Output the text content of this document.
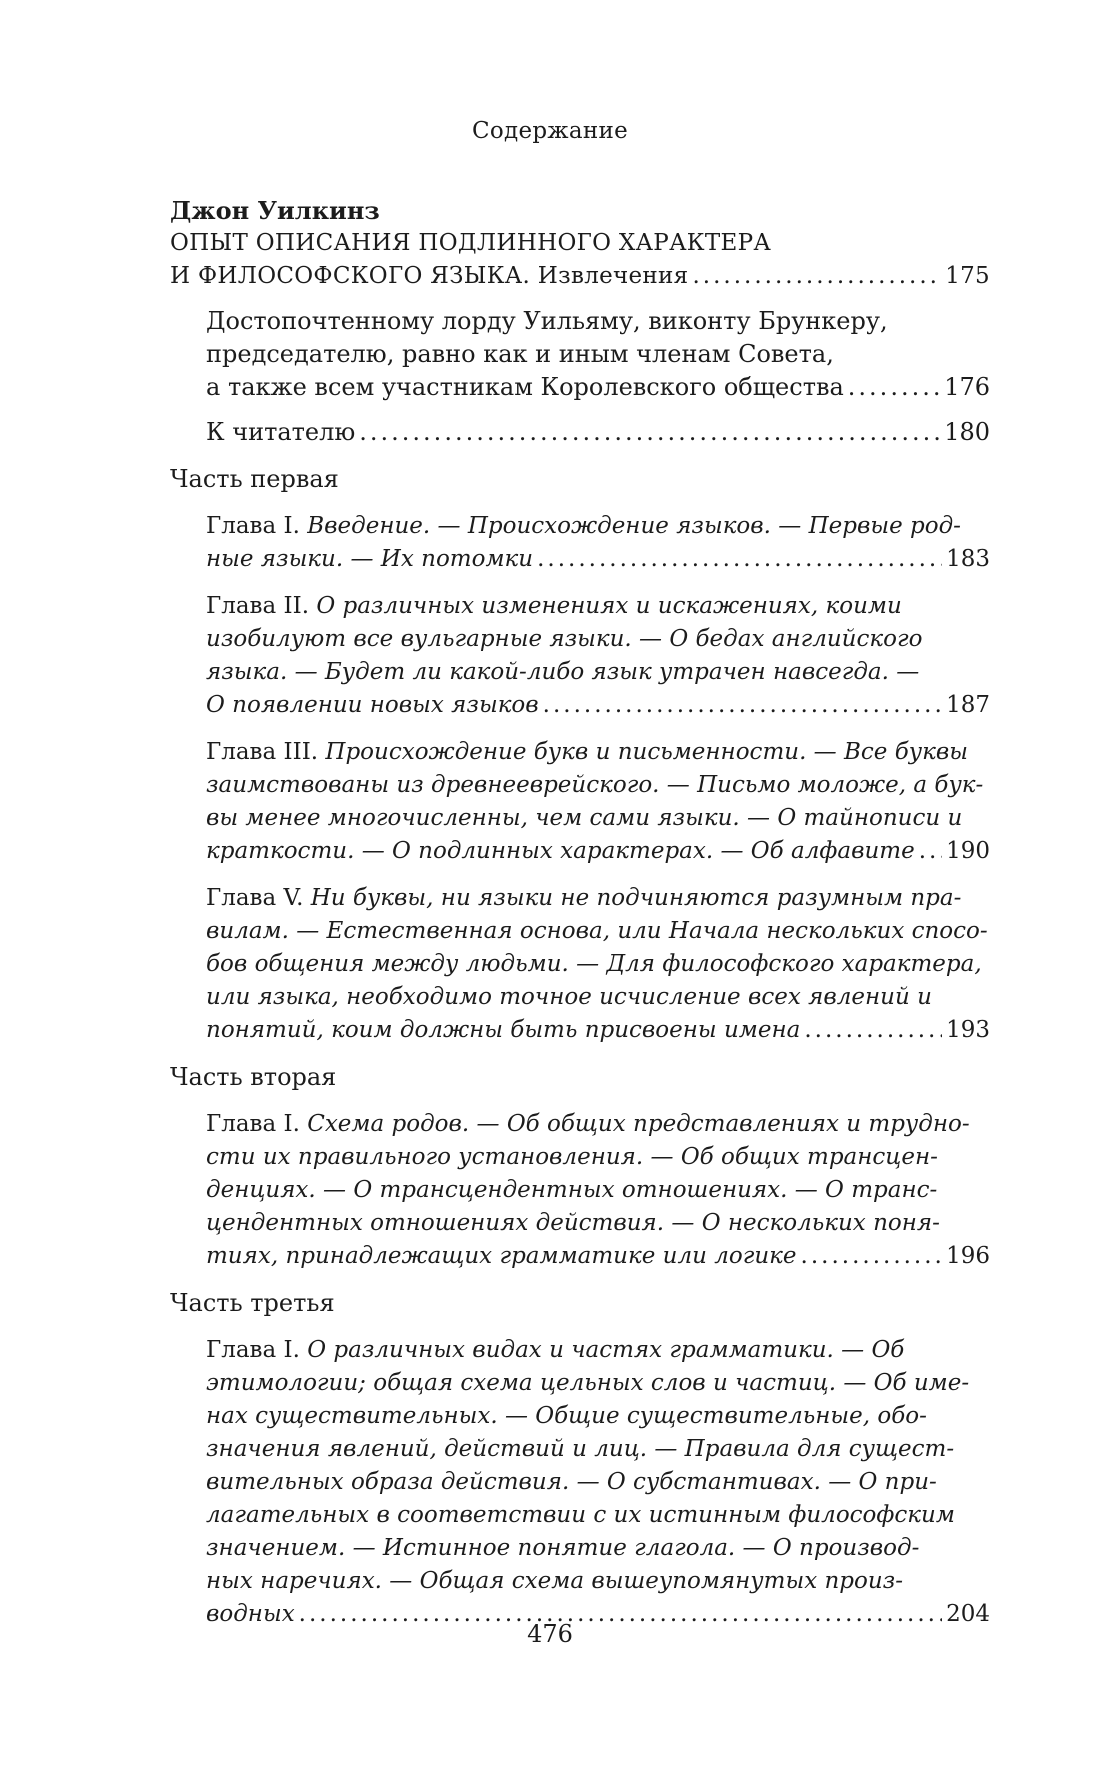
Содержание
Джон Уилкинз
ОПЫТ ОПИСАНИЯ ПОДЛИННОГО ХАРАКТЕРА
И ФИЛОСОФСКОГО ЯЗЫКА. Извлечения .....	175
Достопочтенному лорду Уильяму, виконту Брункеру,
председателю, равно как и иным членам Совета,
а также всем участникам Королевского общества .....	176
К читателю .....	180
Часть первая
Глава I. Введение. — Происхождение языков. — Первые род-
ные языки. — Их потомки .....	183
Глава II. О различных изменениях и искажениях, коими
изобилуют все вульгарные языки. — О бедах английского
языка. — Будет ли какой-либо язык утрачен навсегда. —
О появлении новых языков .....	187
Глава III. Происхождение букв и письменности. — Все буквы
заимствованы из древнееврейского. — Письмо моложе, а бук-
вы менее многочисленны, чем сами языки. — О тайнописи и
краткости. — О подлинных характерах. — Об алфавите ..... 190
Глава V. Ни буквы, ни языки не подчиняются разумным пра-
вилам. — Естественная основа, или Начала нескольких спосо-
бов общения между людьми. — Для философского характера,
или языка, необходимо точное исчисление всех явлений и
понятий, коим должны быть присвоены имена .....	193
Часть вторая
Глава I. Схема родов. — Об общих представлениях и трудно-
сти их правильного установления. — Об общих трансцен-
денциях. — О трансцендентных отношениях. — О транс-
цендентных отношениях действия. — О нескольких поня-
тиях, принадлежащих грамматике или логике .....	196
Часть третья
Глава I. О различных видах и частях грамматики. — Об
этимологии; общая схема цельных слов и частиц. — Об име-
нах существительных. — Общие существительные, обо-
значения явлений, действий и лиц. — Правила для сущест-
вительных образа действия. — О субстантивах. — О при-
лагательных в соответствии с их истинным философским
значением. — Истинное понятие глагола. — О производ-
ных наречиях. — Общая схема вышеупомянутых произ-
водных .....	204
476
